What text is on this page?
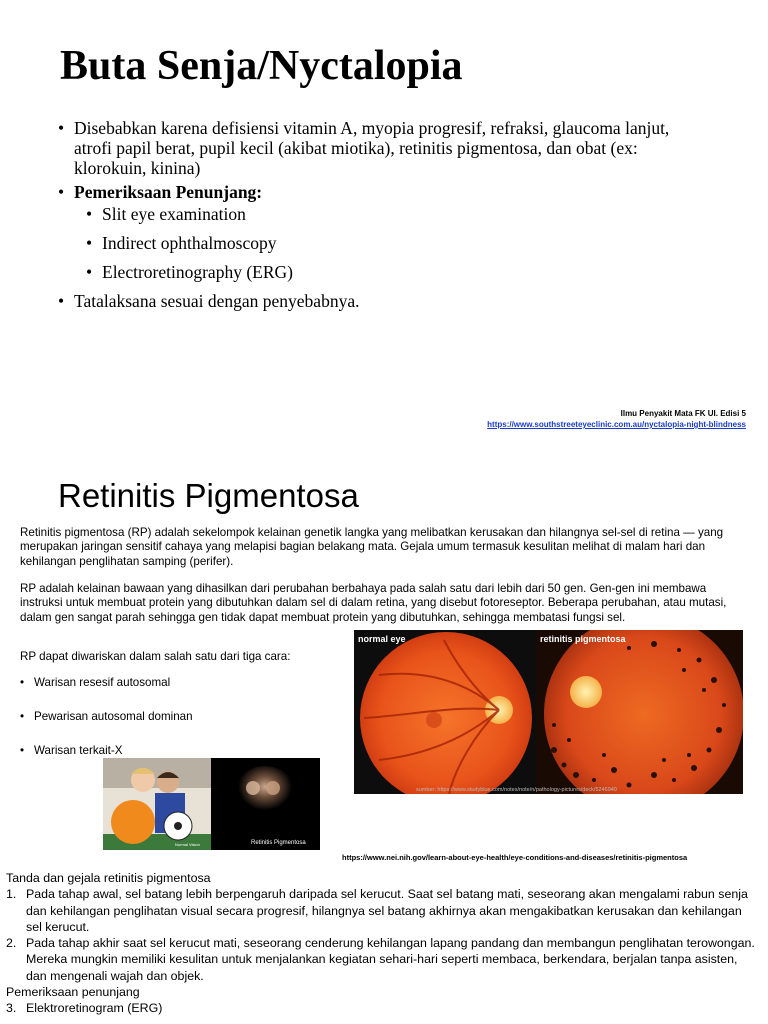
Buta Senja/Nyctalopia
• Disebabkan karena defisiensi vitamin A, myopia progresif, refraksi, glaucoma lanjut, atrofi papil berat, pupil kecil (akibat miotika), retinitis pigmentosa, dan obat (ex: klorokuin, kinina)
• Pemeriksaan Penunjang:
• Slit eye examination
• Indirect ophthalmoscopy
• Electroretinography (ERG)
• Tatalaksana sesuai dengan penyebabnya.
Ilmu Penyakit Mata FK UI. Edisi 5
https://www.southstreeteyeclinic.com.au/nyctalopia-night-blindness
Retinitis Pigmentosa

Retinitis pigmentosa (RP) adalah sekelompok kelainan genetik langka yang melibatkan kerusakan dan hilangnya sel-sel di retina — yang merupakan jaringan sensitif cahaya yang melapisi bagian belakang mata. Gejala umum termasuk kesulitan melihat di malam hari dan kehilangan penglihatan samping (perifer).

RP adalah kelainan bawaan yang dihasilkan dari perubahan berbahaya pada salah satu dari lebih dari 50 gen. Gen-gen ini membawa instruksi untuk membuat protein yang dibutuhkan dalam sel di dalam retina, yang disebut fotoreseptor. Beberapa perubahan, atau mutasi, dalam gen sangat parah sehingga gen tidak dapat membuat protein yang dibutuhkan, sehingga membatasi fungsi sel.

RP dapat diwariskan dalam salah satu dari tiga cara:

• Warisan resesif autosomal
• Pewarisan autosomal dominan
• Warisan terkait-X
normal eye	retinitis pigmentosa
sumber: https://www.studyblue.com/notes/note/n/pathology-pictures/deck/5246940
Normal Vision	Retinitis Pigmentosa
https://www.nei.nih.gov/learn-about-eye-health/eye-conditions-and-diseases/retinitis-pigmentosa

Tanda dan gejala retinitis pigmentosa

1. Pada tahap awal, sel batang lebih berpengaruh daripada sel kerucut. Saat sel batang mati, seseorang akan mengalami rabun senja dan kehilangan penglihatan visual secara progresif, hilangnya sel batang akhirnya akan mengakibatkan kerusakan dan kehilangan sel kerucut.
2. Pada tahap akhir saat sel kerucut mati, seseorang cenderung kehilangan lapang pandang dan membangun penglihatan terowongan. Mereka mungkin memiliki kesulitan untuk menjalankan kegiatan sehari-hari seperti membaca, berkendara, berjalan tanpa asisten, dan mengenali wajah dan objek.

Pemeriksaan penunjang

3. Elektroretinogram (ERG)
